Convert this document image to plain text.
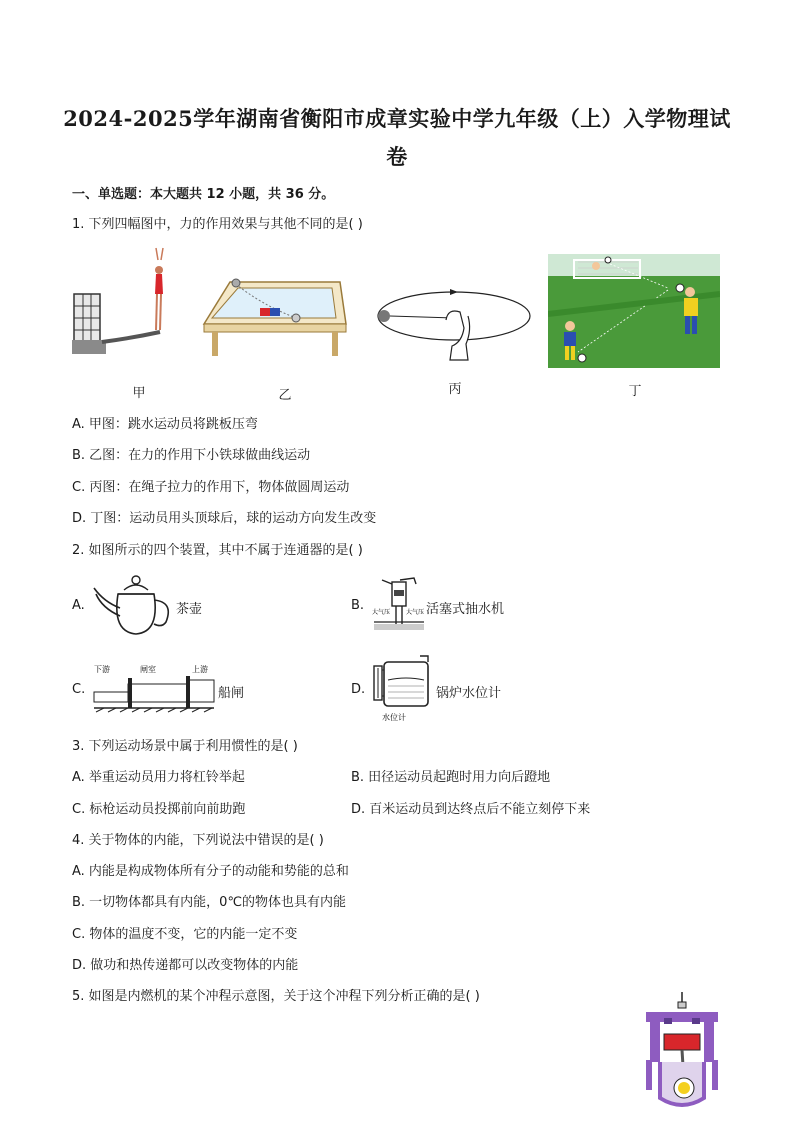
2024-2025学年湖南省衡阳市成章实验中学九年级（上）入学物理试
卷
一、单选题：本大题共 12 小题，共 36 分。
1. 下列四幅图中，力的作用效果与其他不同的是( )
甲	乙	丙	丁
A. 甲图：跳水运动员将跳板压弯
B. 乙图：在力的作用下小铁球做曲线运动
C. 丙图：在绳子拉力的作用下，物体做圆周运动
D. 丁图：运动员用头顶球后，球的运动方向发生改变
2. 如图所示的四个装置，其中不属于连通器的是( )
A.	茶壶	B. 大气压	大气压 活塞式抽水机
C.
下游	闸室	上游
船闸	D.
水位计
锅炉水位计
3. 下列运动场景中属于利用惯性的是( )
A. 举重运动员用力将杠铃举起	B. 田径运动员起跑时用力向后蹬地
C. 标枪运动员投掷前向前助跑	D. 百米运动员到达终点后不能立刻停下来
4. 关于物体的内能，下列说法中错误的是( )
A. 内能是构成物体所有分子的动能和势能的总和
B. 一切物体都具有内能，0℃的物体也具有内能
C. 物体的温度不变，它的内能一定不变
D. 做功和热传递都可以改变物体的内能
5. 如图是内燃机的某个冲程示意图，关于这个冲程下列分析正确的是( )
